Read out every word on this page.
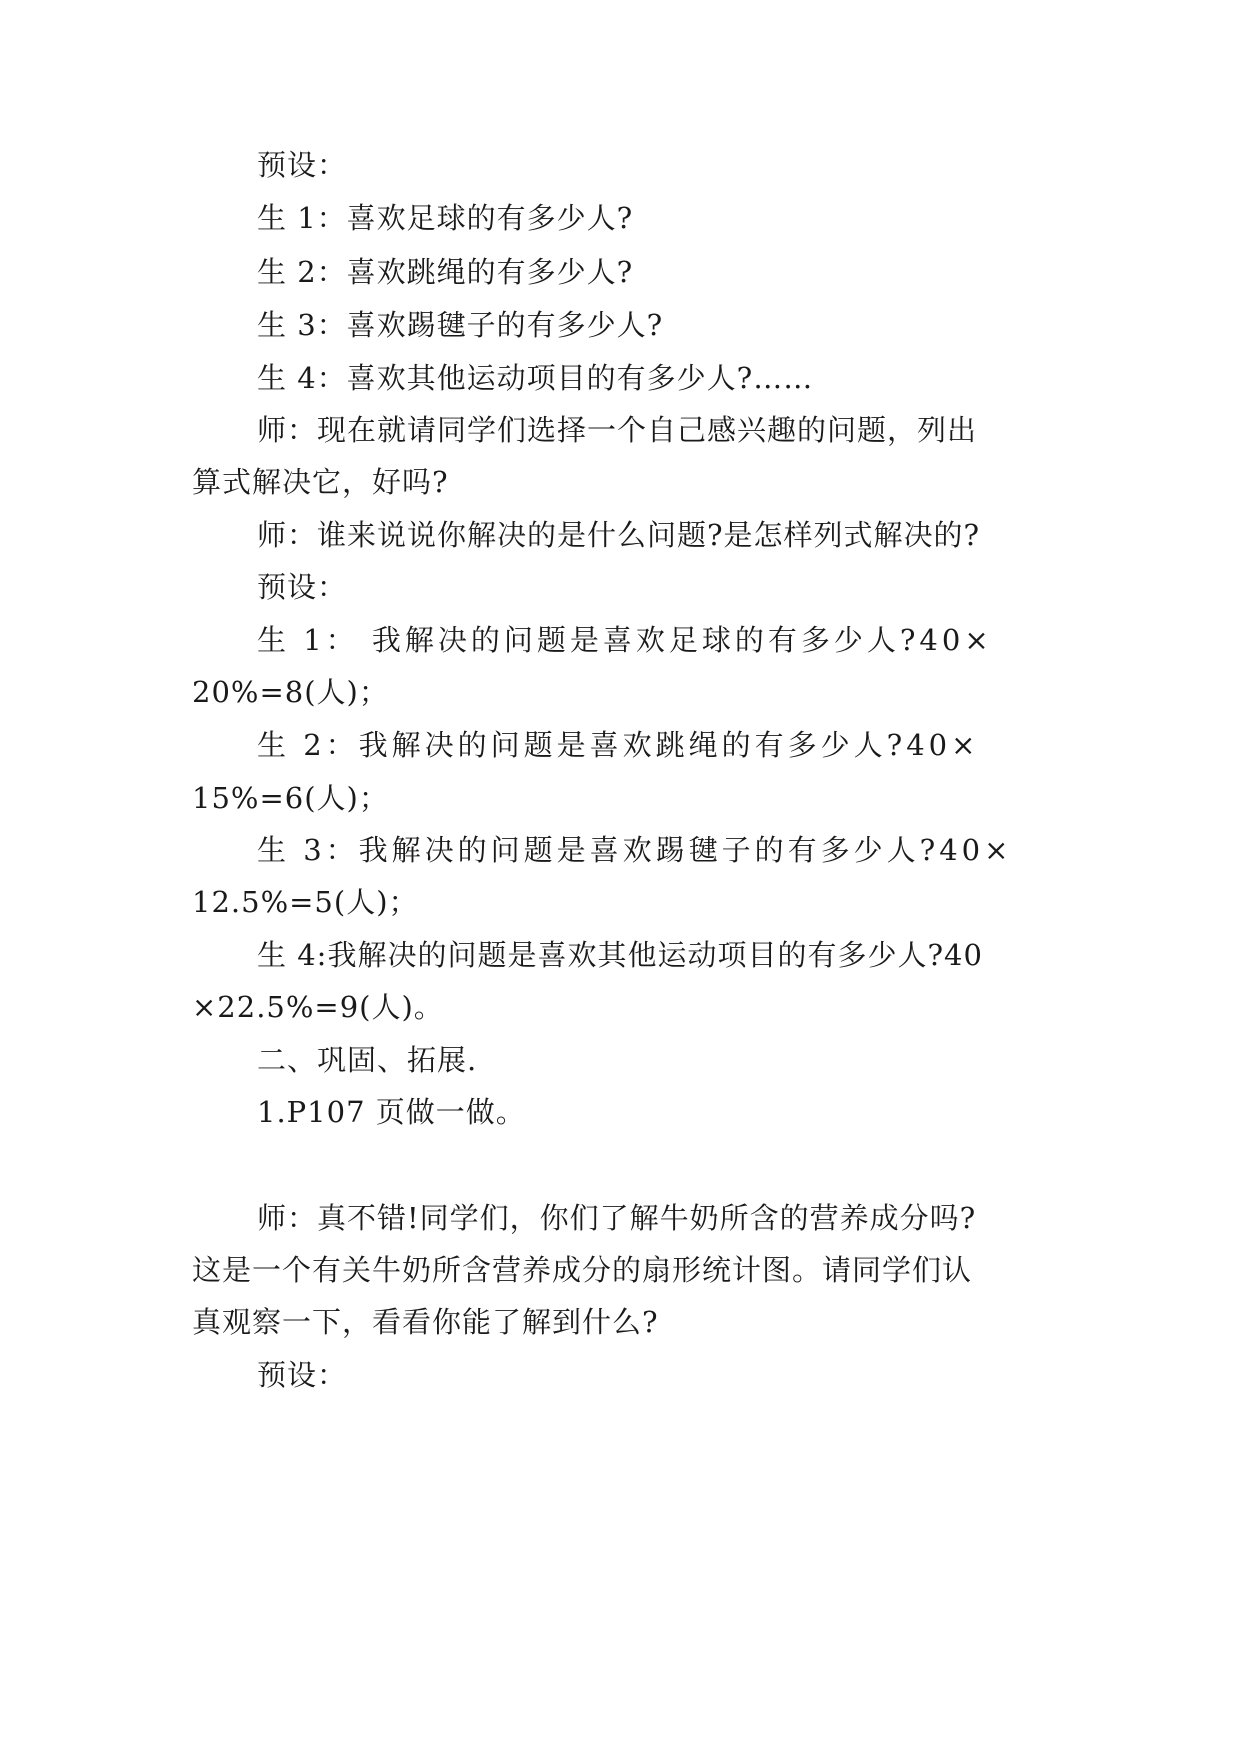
预设：
生 1：喜欢足球的有多少人?
生 2：喜欢跳绳的有多少人?
生 3：喜欢踢毽子的有多少人?
生 4：喜欢其他运动项目的有多少人?……
师：现在就请同学们选择一个自己感兴趣的问题，列出
算式解决它，好吗?
师：谁来说说你解决的是什么问题?是怎样列式解决的?
预设：
生 1： 我解决的问题是喜欢足球的有多少人?40×
20%=8(人)；
生 2：我解决的问题是喜欢跳绳的有多少人?40×
15%=6(人)；
生 3：我解决的问题是喜欢踢毽子的有多少人?40×
12.5%=5(人)；
生 4:我解决的问题是喜欢其他运动项目的有多少人?40
×22.5%=9(人)。
二、巩固、拓展.
1.P107 页做一做。
师：真不错!同学们，你们了解牛奶所含的营养成分吗?
这是一个有关牛奶所含营养成分的扇形统计图。请同学们认
真观察一下，看看你能了解到什么?
预设：
